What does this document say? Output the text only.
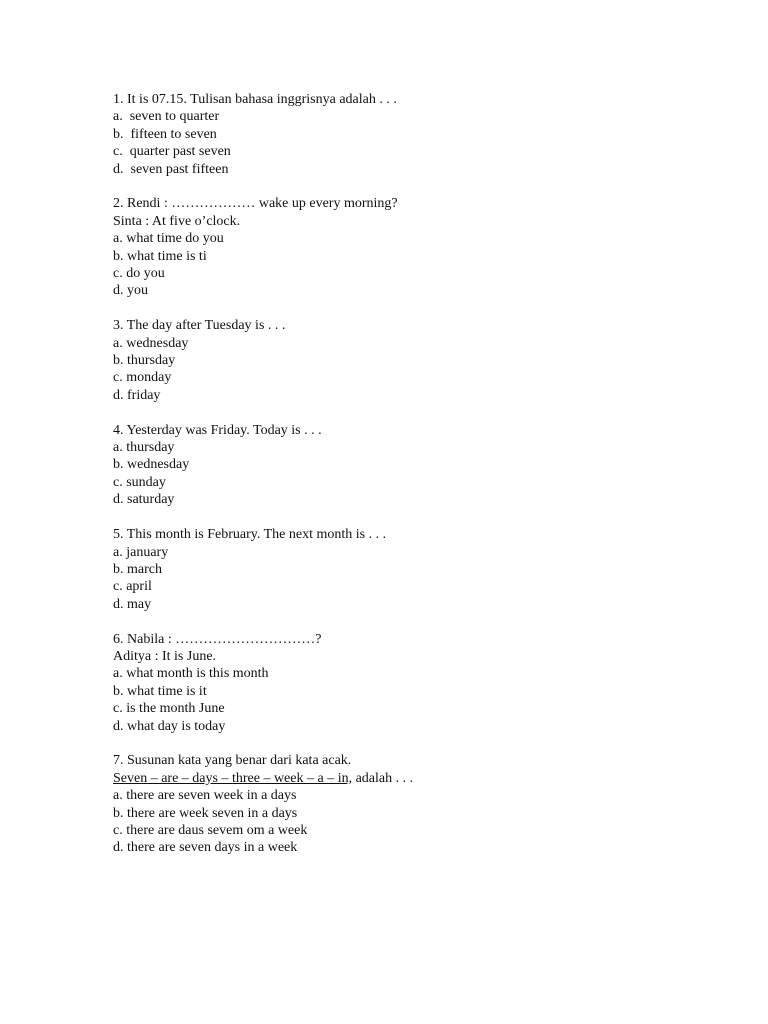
1. It is 07.15. Tulisan bahasa inggrisnya adalah . . .
a.  seven to quarter
b.  fifteen to seven
c.  quarter past seven
d.  seven past fifteen
2. Rendi : ……………… wake up every morning?
Sinta : At five o’clock.
a. what time do you
b. what time is ti
c. do you
d. you
3. The day after Tuesday is . . .
a. wednesday
b. thursday
c. monday
d. friday
4. Yesterday was Friday. Today is . . .
a. thursday
b. wednesday
c. sunday
d. saturday
5. This month is February. The next month is . . .
a. january
b. march
c. april
d. may
6. Nabila : …………………………?
Aditya : It is June.
a. what month is this month
b. what time is it
c. is the month June
d. what day is today
7. Susunan kata yang benar dari kata acak.
Seven – are – days – three – week – a – in, adalah . . .
a. there are seven week in a days
b. there are week seven in a days
c. there are daus sevem om a week
d. there are seven days in a week
